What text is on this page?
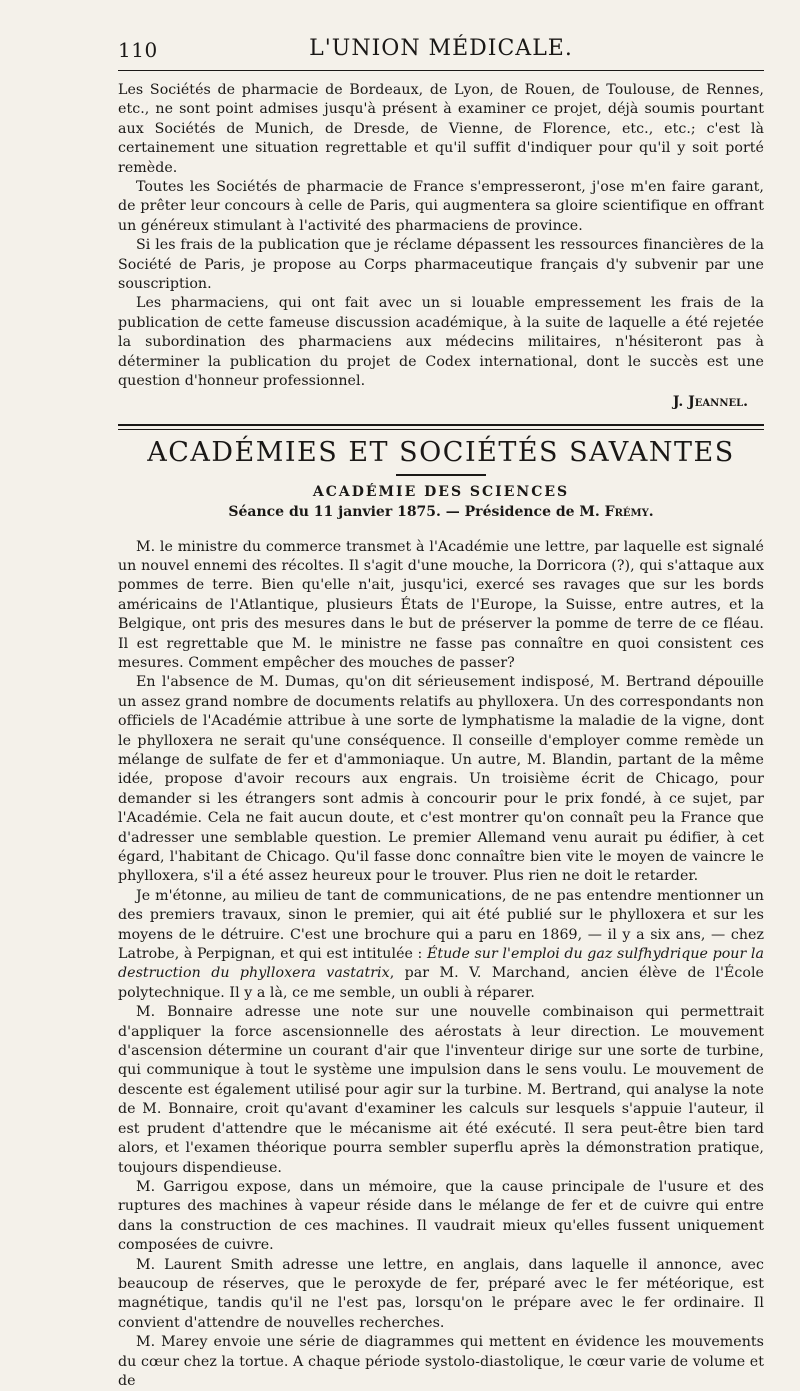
110	L'UNION MÉDICALE.

Les Sociétés de pharmacie de Bordeaux, de Lyon, de Rouen, de Toulouse, de Rennes, etc., ne sont point admises jusqu'à présent à examiner ce projet, déjà soumis pourtant aux Sociétés de Munich, de Dresde, de Vienne, de Florence, etc., etc.; c'est là certainement une situation regrettable et qu'il suffit d'indiquer pour qu'il y soit porté remède.

Toutes les Sociétés de pharmacie de France s'empresseront, j'ose m'en faire garant, de prêter leur concours à celle de Paris, qui augmentera sa gloire scientifique en offrant un généreux stimulant à l'activité des pharmaciens de province.

Si les frais de la publication que je réclame dépassent les ressources financières de la Société de Paris, je propose au Corps pharmaceutique français d'y subvenir par une souscription.

Les pharmaciens, qui ont fait avec un si louable empressement les frais de la publication de cette fameuse discussion académique, à la suite de laquelle a été rejetée la subordination des pharmaciens aux médecins militaires, n'hésiteront pas à déterminer la publication du projet de Codex international, dont le succès est une question d'honneur professionnel.

J. Jeannel.
ACADÉMIES ET SOCIÉTÉS SAVANTES
ACADÉMIE DES SCIENCES
Séance du 11 janvier 1875. — Présidence de M. Frémy.

M. le ministre du commerce transmet à l'Académie une lettre, par laquelle est signalé un nouvel ennemi des récoltes. Il s'agit d'une mouche, la Dorricora (?), qui s'attaque aux pommes de terre. Bien qu'elle n'ait, jusqu'ici, exercé ses ravages que sur les bords américains de l'Atlantique, plusieurs États de l'Europe, la Suisse, entre autres, et la Belgique, ont pris des mesures dans le but de préserver la pomme de terre de ce fléau. Il est regrettable que M. le ministre ne fasse pas connaître en quoi consistent ces mesures. Comment empêcher des mouches de passer?

En l'absence de M. Dumas, qu'on dit sérieusement indisposé, M. Bertrand dépouille un assez grand nombre de documents relatifs au phylloxera. Un des correspondants non officiels de l'Académie attribue à une sorte de lymphatisme la maladie de la vigne, dont le phylloxera ne serait qu'une conséquence. Il conseille d'employer comme remède un mélange de sulfate de fer et d'ammoniaque. Un autre, M. Blandin, partant de la même idée, propose d'avoir recours aux engrais. Un troisième écrit de Chicago, pour demander si les étrangers sont admis à concourir pour le prix fondé, à ce sujet, par l'Académie. Cela ne fait aucun doute, et c'est montrer qu'on connaît peu la France que d'adresser une semblable question. Le premier Allemand venu aurait pu édifier, à cet égard, l'habitant de Chicago. Qu'il fasse donc connaître bien vite le moyen de vaincre le phylloxera, s'il a été assez heureux pour le trouver. Plus rien ne doit le retarder.

Je m'étonne, au milieu de tant de communications, de ne pas entendre mentionner un des premiers travaux, sinon le premier, qui ait été publié sur le phylloxera et sur les moyens de le détruire. C'est une brochure qui a paru en 1869, — il y a six ans, — chez Latrobe, à Perpignan, et qui est intitulée : Étude sur l'emploi du gaz sulfhydrique pour la destruction du phylloxera vastatrix, par M. V. Marchand, ancien élève de l'École polytechnique. Il y a là, ce me semble, un oubli à réparer.

M. Bonnaire adresse une note sur une nouvelle combinaison qui permettrait d'appliquer la force ascensionnelle des aérostats à leur direction. Le mouvement d'ascension détermine un courant d'air que l'inventeur dirige sur une sorte de turbine, qui communique à tout le système une impulsion dans le sens voulu. Le mouvement de descente est également utilisé pour agir sur la turbine. M. Bertrand, qui analyse la note de M. Bonnaire, croit qu'avant d'examiner les calculs sur lesquels s'appuie l'auteur, il est prudent d'attendre que le mécanisme ait été exécuté. Il sera peut-être bien tard alors, et l'examen théorique pourra sembler superflu après la démonstration pratique, toujours dispendieuse.

M. Garrigou expose, dans un mémoire, que la cause principale de l'usure et des ruptures des machines à vapeur réside dans le mélange de fer et de cuivre qui entre dans la construction de ces machines. Il vaudrait mieux qu'elles fussent uniquement composées de cuivre.

M. Laurent Smith adresse une lettre, en anglais, dans laquelle il annonce, avec beaucoup de réserves, que le peroxyde de fer, préparé avec le fer météorique, est magnétique, tandis qu'il ne l'est pas, lorsqu'on le prépare avec le fer ordinaire. Il convient d'attendre de nouvelles recherches.

M. Marey envoie une série de diagrammes qui mettent en évidence les mouvements du cœur chez la tortue. A chaque période systolo-diastolique, le cœur varie de volume et de
